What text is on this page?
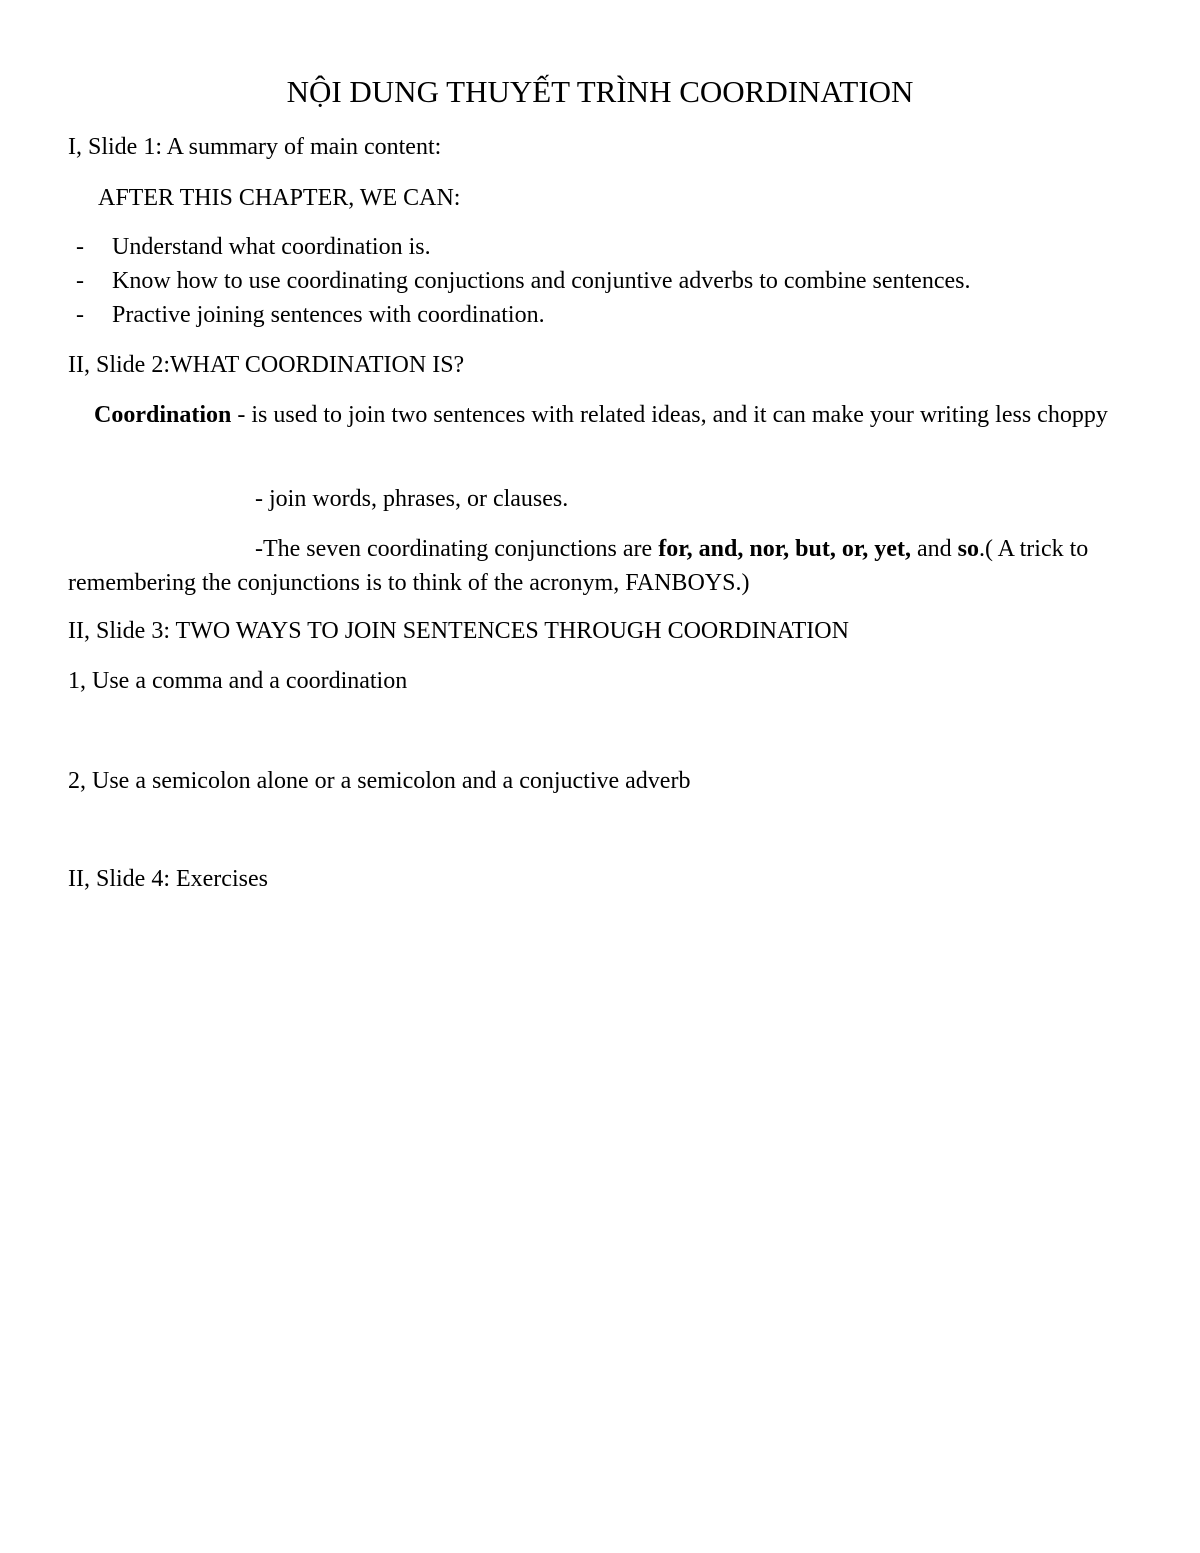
NỘI DUNG THUYẾT TRÌNH COORDINATION

I, Slide 1: A summary of main content:

AFTER THIS CHAPTER, WE CAN:

- Understand what coordination is.
- Know how to use coordinating conjuctions and conjuntive adverbs to combine sentences.
- Practive joining sentences with coordination.

II, Slide 2:WHAT COORDINATION IS?

Coordination - is used to join two sentences with related ideas, and it can make your writing less choppy

- join words, phrases, or clauses.

-The seven coordinating conjunctions are for, and, nor, but, or, yet, and so.( A trick to remembering the conjunctions is to think of the acronym, FANBOYS.)

II, Slide 3: TWO WAYS TO JOIN SENTENCES THROUGH COORDINATION

1, Use a comma and a coordination

2, Use a semicolon alone or a semicolon and a conjuctive adverb

II, Slide 4: Exercises
